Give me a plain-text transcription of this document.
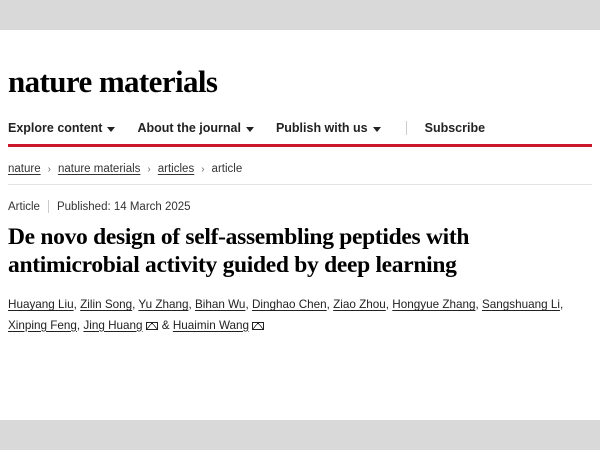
nature materials
Explore content	About the journal	Publish with us	Subscribe
nature › nature materials › articles › article
Article Published: 14 March 2025
De novo design of self-assembling peptides with antimicrobial activity guided by deep learning
Huayang Liu, Zilin Song, Yu Zhang, Bihan Wu, Dinghao Chen, Ziao Zhou, Hongyue Zhang, Sangshuang Li, Xinping Feng, Jing Huang & Huaimin Wang
